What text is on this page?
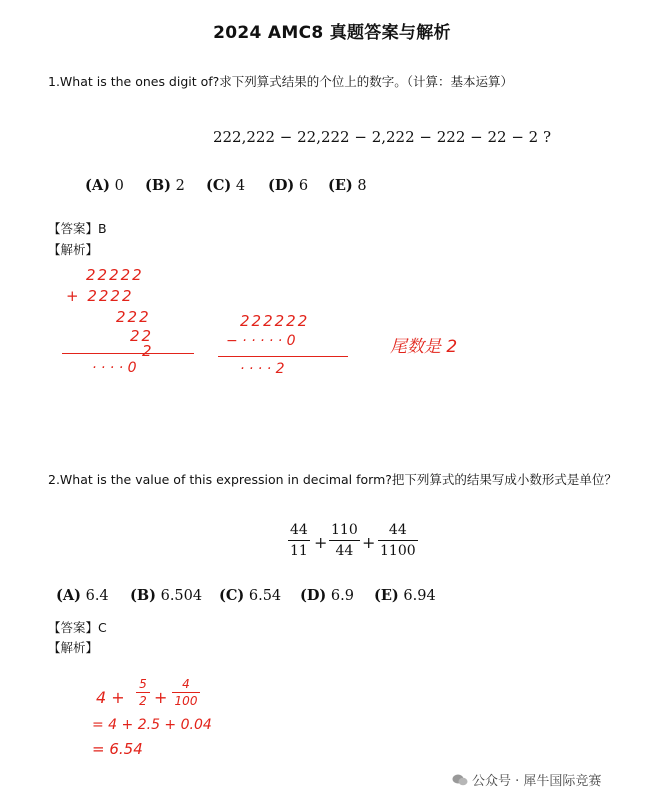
2024 AMC8 真题答案与解析
1.What is the ones digit of?求下列算式结果的个位上的数字。（计算：基本运算）
222,222 − 22,222 − 2,222 − 222 − 22 − 2 ?
(A) 0 (B) 2 (C) 4 (D) 6 (E) 8
【答案】B
【解析】
22222
+ 2222
222
22
2
· · · · 0
222222
− · · · · · 0
· · · · 2
尾数是 2
2.What is the value of this expression in decimal form?把下列算式的结果写成小数形式是单位？
44
11 +
110
44 +
44
1100
(A) 6.4 (B) 6.504 (C) 6.54 (D) 6.9 (E) 6.94
【答案】C
【解析】
4 +
5
2 +
4
100
= 4 + 2.5 + 0.04
= 6.54
公众号 · 犀牛国际竞赛
